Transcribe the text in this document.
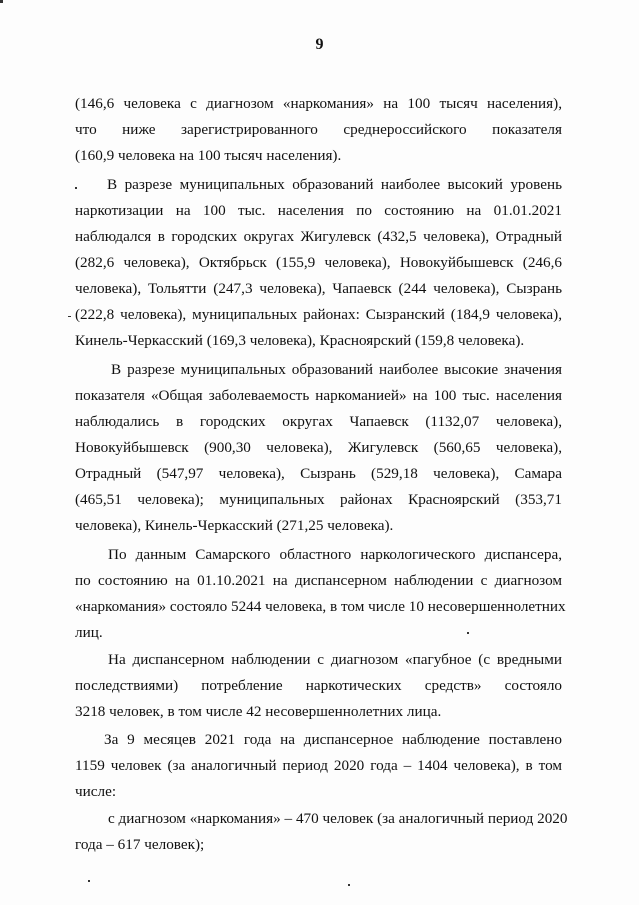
9
(146,6 человека с диагнозом «наркомания» на 100 тысяч населения),
что ниже зарегистрированного среднероссийского показателя
(160,9 человека на 100 тысяч населения).
В разрезе муниципальных образований наиболее высокий уровень
наркотизации на 100 тыс. населения по состоянию на 01.01.2021
наблюдался в городских округах Жигулевск (432,5 человека), Отрадный
(282,6 человека), Октябрьск (155,9 человека), Новокуйбышевск (246,6
человека), Тольятти (247,3 человека), Чапаевск (244 человека), Сызрань
(222,8 человека), муниципальных районах: Сызранский (184,9 человека),
Кинель-Черкасский (169,3 человека), Красноярский (159,8 человека).
В разрезе муниципальных образований наиболее высокие значения
показателя «Общая заболеваемость наркоманией» на 100 тыс. населения
наблюдались в городских округах Чапаевск (1132,07 человека),
Новокуйбышевск (900,30 человека), Жигулевск (560,65 человека),
Отрадный (547,97 человека), Сызрань (529,18 человека), Самара
(465,51 человека); муниципальных районах Красноярский (353,71
человека), Кинель-Черкасский (271,25 человека).
По данным Самарского областного наркологического диспансера,
по состоянию на 01.10.2021 на диспансерном наблюдении с диагнозом
«наркомания» состояло 5244 человека, в том числе 10 несовершеннолетних
лиц.
На диспансерном наблюдении с диагнозом «пагубное (с вредными
последствиями) потребление наркотических средств» состояло
3218 человек, в том числе 42 несовершеннолетних лица.
За 9 месяцев 2021 года на диспансерное наблюдение поставлено
1159 человек (за аналогичный период 2020 года – 1404 человека), в том
числе:
с диагнозом «наркомания» – 470 человек (за аналогичный период 2020
года – 617 человек);
